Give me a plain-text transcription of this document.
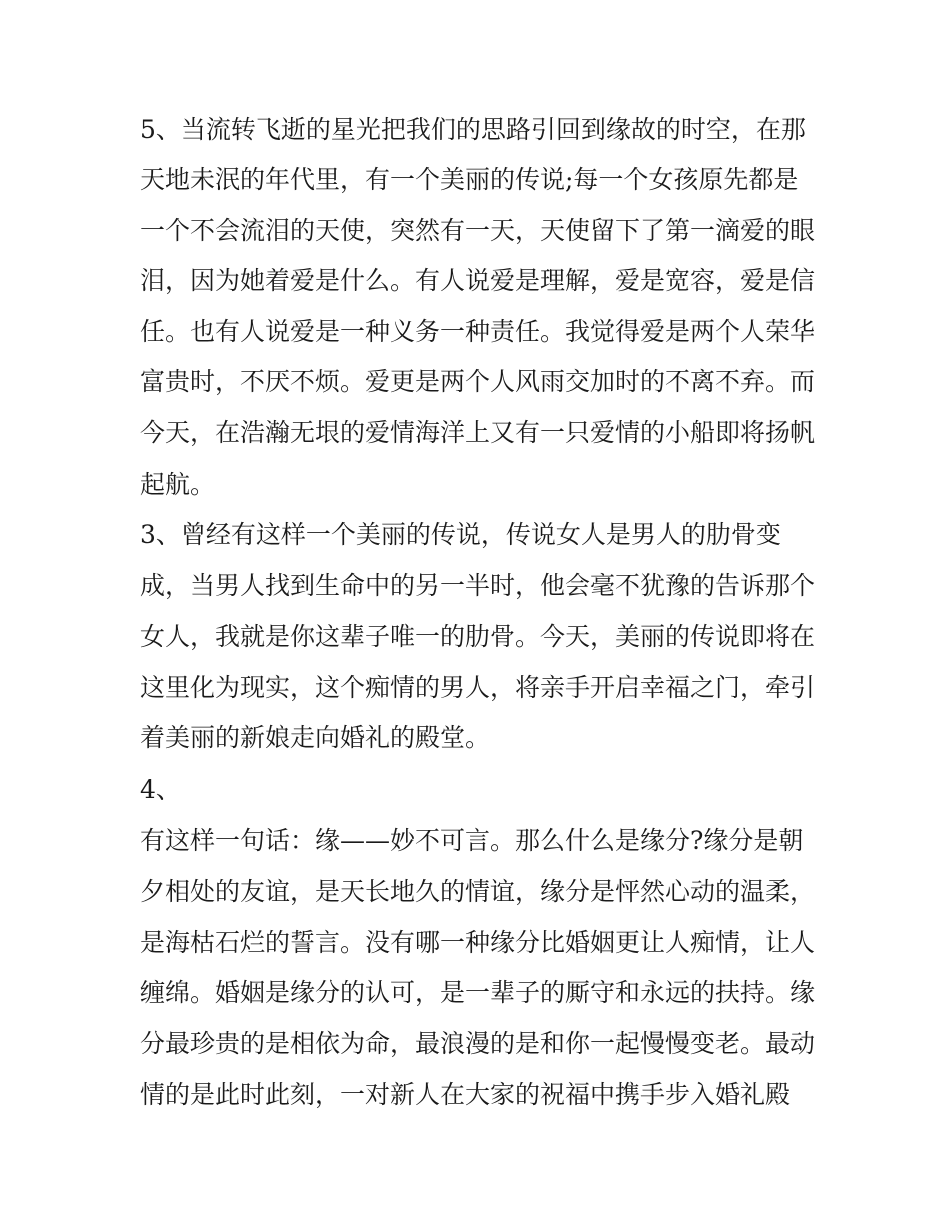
5、当流转飞逝的星光把我们的思路引回到缘故的时空，在那
天地未泯的年代里，有一个美丽的传说;每一个女孩原先都是
一个不会流泪的天使，突然有一天，天使留下了第一滴爱的眼
泪，因为她着爱是什么。有人说爱是理解，爱是宽容，爱是信
任。也有人说爱是一种义务一种责任。我觉得爱是两个人荣华
富贵时，不厌不烦。爱更是两个人风雨交加时的不离不弃。而
今天，在浩瀚无垠的爱情海洋上又有一只爱情的小船即将扬帆
起航。
3、曾经有这样一个美丽的传说，传说女人是男人的肋骨变
成，当男人找到生命中的另一半时，他会毫不犹豫的告诉那个
女人，我就是你这辈子唯一的肋骨。今天，美丽的传说即将在
这里化为现实，这个痴情的男人，将亲手开启幸福之门，牵引
着美丽的新娘走向婚礼的殿堂。
4、
有这样一句话：缘——妙不可言。那么什么是缘分?缘分是朝
夕相处的友谊，是天长地久的情谊，缘分是怦然心动的温柔，
是海枯石烂的誓言。没有哪一种缘分比婚姻更让人痴情，让人
缠绵。婚姻是缘分的认可，是一辈子的厮守和永远的扶持。缘
分最珍贵的是相依为命，最浪漫的是和你一起慢慢变老。最动
情的是此时此刻，一对新人在大家的祝福中携手步入婚礼殿
